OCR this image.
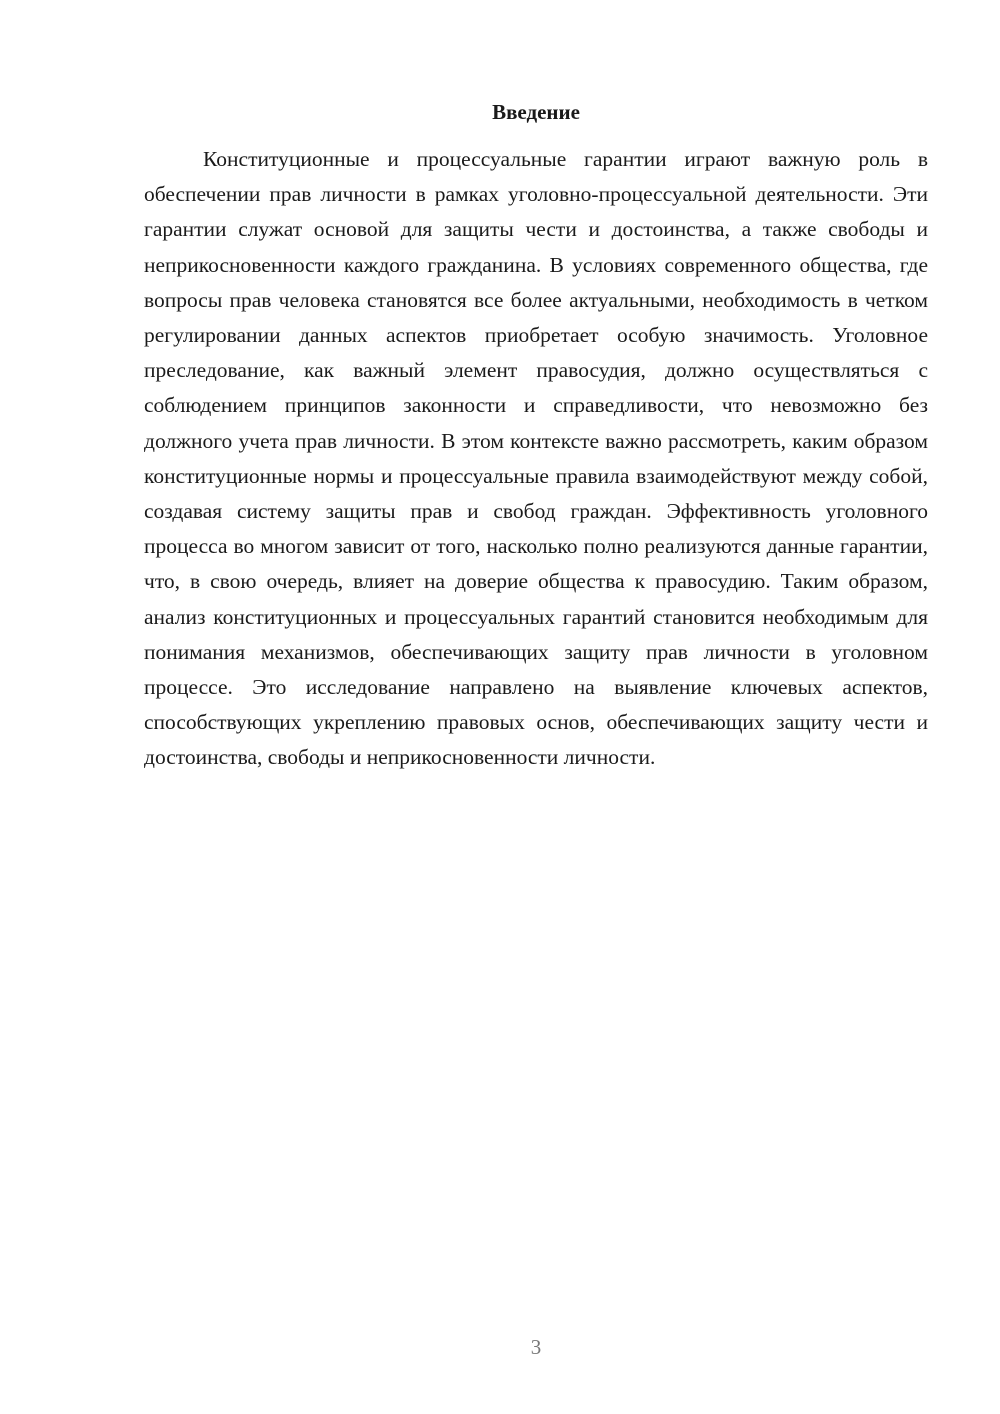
Введение

Конституционные и процессуальные гарантии играют важную роль в обеспечении прав личности в рамках уголовно-процессуальной деятельности. Эти гарантии служат основой для защиты чести и достоинства, а также свободы и неприкосновенности каждого гражданина. В условиях современного общества, где вопросы прав человека становятся все более актуальными, необходимость в четком регулировании данных аспектов приобретает особую значимость. Уголовное преследование, как важный элемент правосудия, должно осуществляться с соблюдением принципов законности и справедливости, что невозможно без должного учета прав личности. В этом контексте важно рассмотреть, каким образом конституционные нормы и процессуальные правила взаимодействуют между собой, создавая систему защиты прав и свобод граждан. Эффективность уголовного процесса во многом зависит от того, насколько полно реализуются данные гарантии, что, в свою очередь, влияет на доверие общества к правосудию. Таким образом, анализ конституционных и процессуальных гарантий становится необходимым для понимания механизмов, обеспечивающих защиту прав личности в уголовном процессе. Это исследование направлено на выявление ключевых аспектов, способствующих укреплению правовых основ, обеспечивающих защиту чести и достоинства, свободы и неприкосновенности личности.

3
